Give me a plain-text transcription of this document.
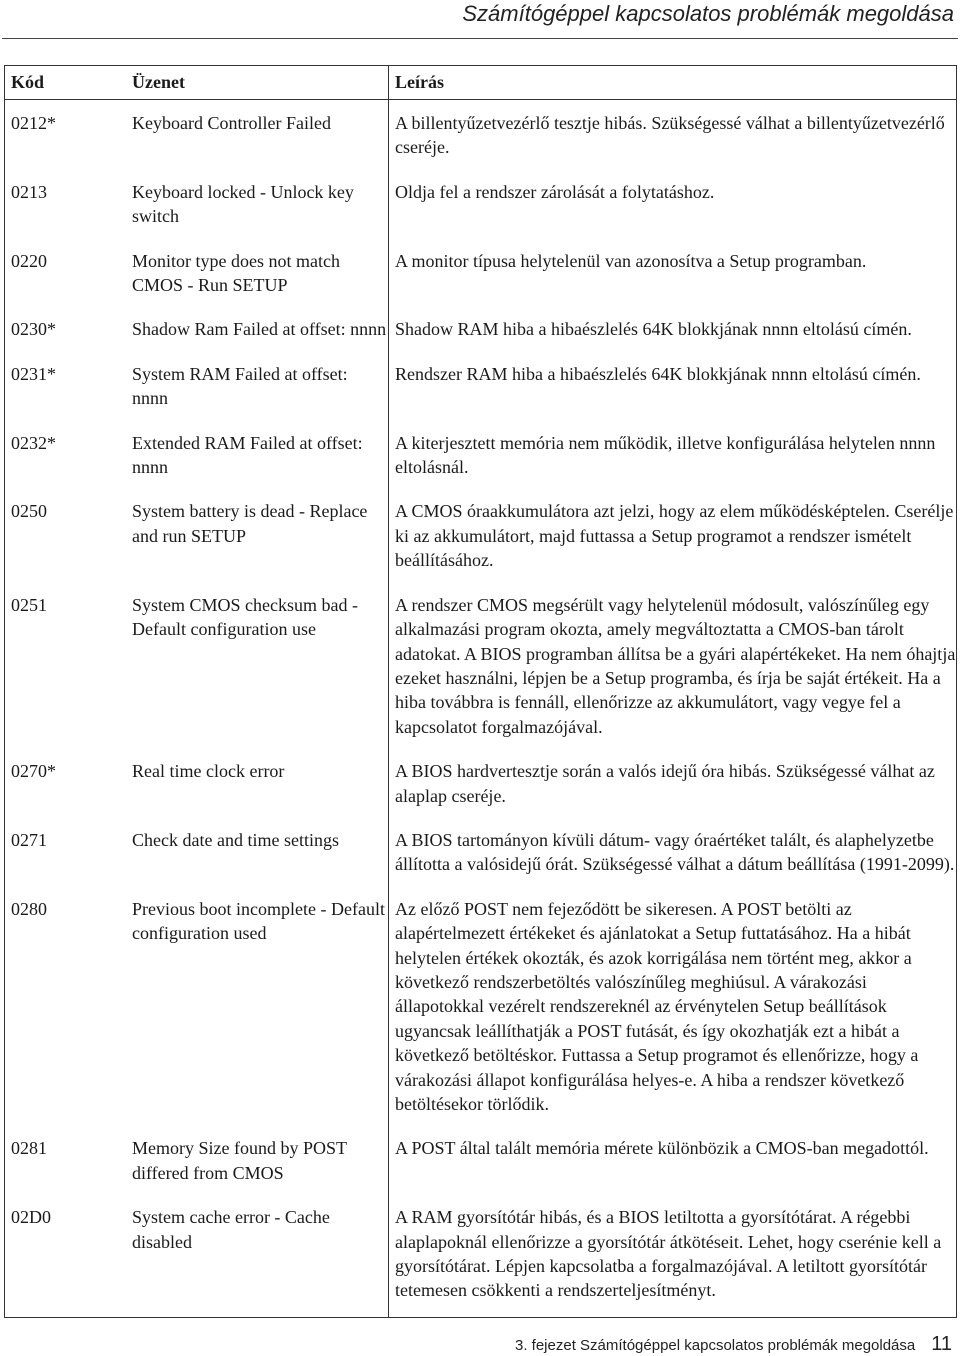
Számítógéppel kapcsolatos problémák megoldása
Kód	Üzenet	Leírás
0212*	Keyboard Controller Failed	A billentyűzetvezérlő tesztje hibás. Szükségessé válhat a billentyűzetvezérlő cseréje.
0213	Keyboard locked - Unlock key switch	Oldja fel a rendszer zárolását a folytatáshoz.
0220	Monitor type does not match CMOS - Run SETUP	A monitor típusa helytelenül van azonosítva a Setup programban.
0230*	Shadow Ram Failed at offset: nnnn	Shadow RAM hiba a hibaészlelés 64K blokkjának nnnn eltolású címén.
0231*	System RAM Failed at offset: nnnn	Rendszer RAM hiba a hibaészlelés 64K blokkjának nnnn eltolású címén.
0232*	Extended RAM Failed at offset: nnnn	A kiterjesztett memória nem működik, illetve konfigurálása helytelen nnnn eltolásnál.
0250	System battery is dead - Replace and run SETUP	A CMOS óraakkumulátora azt jelzi, hogy az elem működésképtelen. Cserélje ki az akkumulátort, majd futtassa a Setup programot a rendszer ismételt beállításához.
0251	System CMOS checksum bad - Default configuration use	A rendszer CMOS megsérült vagy helytelenül módosult, valószínűleg egy alkalmazási program okozta, amely megváltoztatta a CMOS-ban tárolt adatokat. A BIOS programban állítsa be a gyári alapértékeket. Ha nem óhajtja ezeket használni, lépjen be a Setup programba, és írja be saját értékeit. Ha a hiba továbbra is fennáll, ellenőrizze az akkumulátort, vagy vegye fel a kapcsolatot forgalmazójával.
0270*	Real time clock error	A BIOS hardvertesztje során a valós idejű óra hibás. Szükségessé válhat az alaplap cseréje.
0271	Check date and time settings	A BIOS tartományon kívüli dátum- vagy óraértéket talált, és alaphelyzetbe állította a valósidejű órát. Szükségessé válhat a dátum beállítása (1991-2099).
0280	Previous boot incomplete - Default configuration used	Az előző POST nem fejeződött be sikeresen. A POST betölti az alapértelmezett értékeket és ajánlatokat a Setup futtatásához. Ha a hibát helytelen értékek okozták, és azok korrigálása nem történt meg, akkor a következő rendszerbetöltés valószínűleg meghiúsul. A várakozási állapotokkal vezérelt rendszereknél az érvénytelen Setup beállítások ugyancsak leállíthatják a POST futását, és így okozhatják ezt a hibát a következő betöltéskor. Futtassa a Setup programot és ellenőrizze, hogy a várakozási állapot konfigurálása helyes-e. A hiba a rendszer következő betöltésekor törlődik.
0281	Memory Size found by POST differed from CMOS	A POST által talált memória mérete különbözik a CMOS-ban megadottól.
02D0	System cache error - Cache disabled	A RAM gyorsítótár hibás, és a BIOS letiltotta a gyorsítótárat. A régebbi alaplapoknál ellenőrizze a gyorsítótár átkötéseit. Lehet, hogy cserénie kell a gyorsítótárat. Lépjen kapcsolatba a forgalmazójával. A letiltott gyorsítótár tetemesen csökkenti a rendszerteljesítményt.
3. fejezet Számítógéppel kapcsolatos problémák megoldása 11
